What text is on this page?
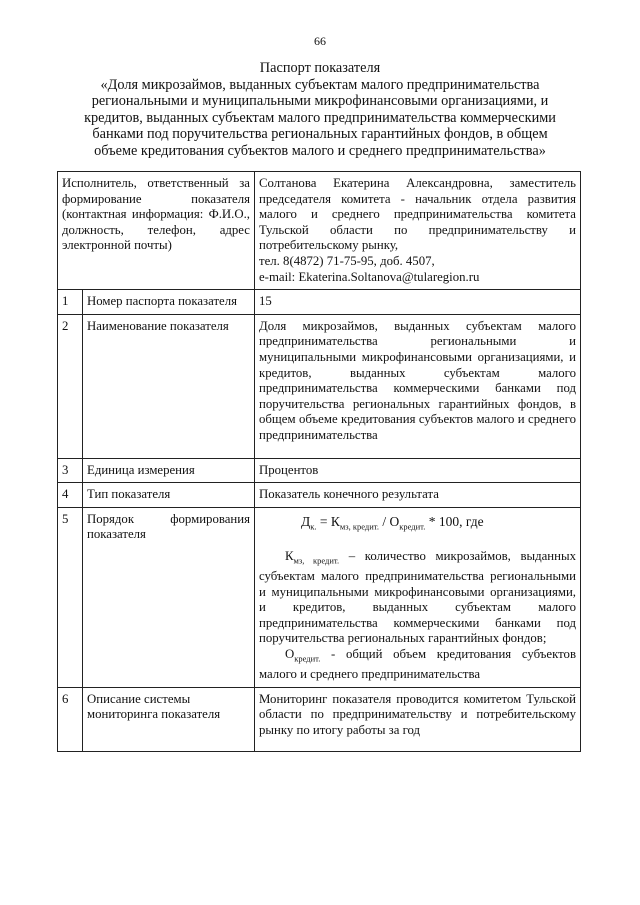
66
Паспорт показателя
«Доля микрозаймов, выданных субъектам малого предпринимательства
региональными и муниципальными микрофинансовыми организациями, и
кредитов, выданных субъектам малого предпринимательства коммерческими
банками под поручительства региональных гарантийных фондов, в общем
объеме кредитования субъектов малого и среднего предпринимательства»
Исполнитель, ответственный за формирование показателя (контактная информация: Ф.И.О., должность, телефон, адрес электронной почты)		Солтанова Екатерина Александровна, заместитель председателя комитета - начальник отдела развития малого и среднего предпринимательства комитета Тульской области по предпринимательству и потребительскому рынку,
тел. 8(4872) 71-75-95, доб. 4507,
e-mail: Ekaterina.Soltanova@tularegion.ru

1	Номер паспорта показателя	15
2	Наименование показателя	Доля микрозаймов, выданных субъектам малого предпринимательства региональными и муниципальными микрофинансовыми организациями, и кредитов, выданных субъектам малого предпринимательства коммерческими банками под поручительства региональных гарантийных фондов, в общем объеме кредитования субъектов малого и среднего предпринимательства
3	Единица измерения	Процентов
4	Тип показателя	Показатель конечного результата
5	Порядок формирования показателя	$Д_{к.} = К_{мз, кредит.} / О_{кредит.} * 100$, где
$К_{мз, кредит.}$ – количество микрозаймов, выданных субъектам малого предпринимательства региональными и муниципальными микрофинансовыми организациями, и кредитов, выданных субъектам малого предпринимательства коммерческими банками под поручительства региональных гарантийных фондов;
$О_{кредит.}$ - общий объем кредитования субъектов малого и среднего предпринимательства

6	Описание системы мониторинга показателя	Мониторинг показателя проводится комитетом Тульской области по предпринимательству и потребительскому рынку по итогу работы за год
